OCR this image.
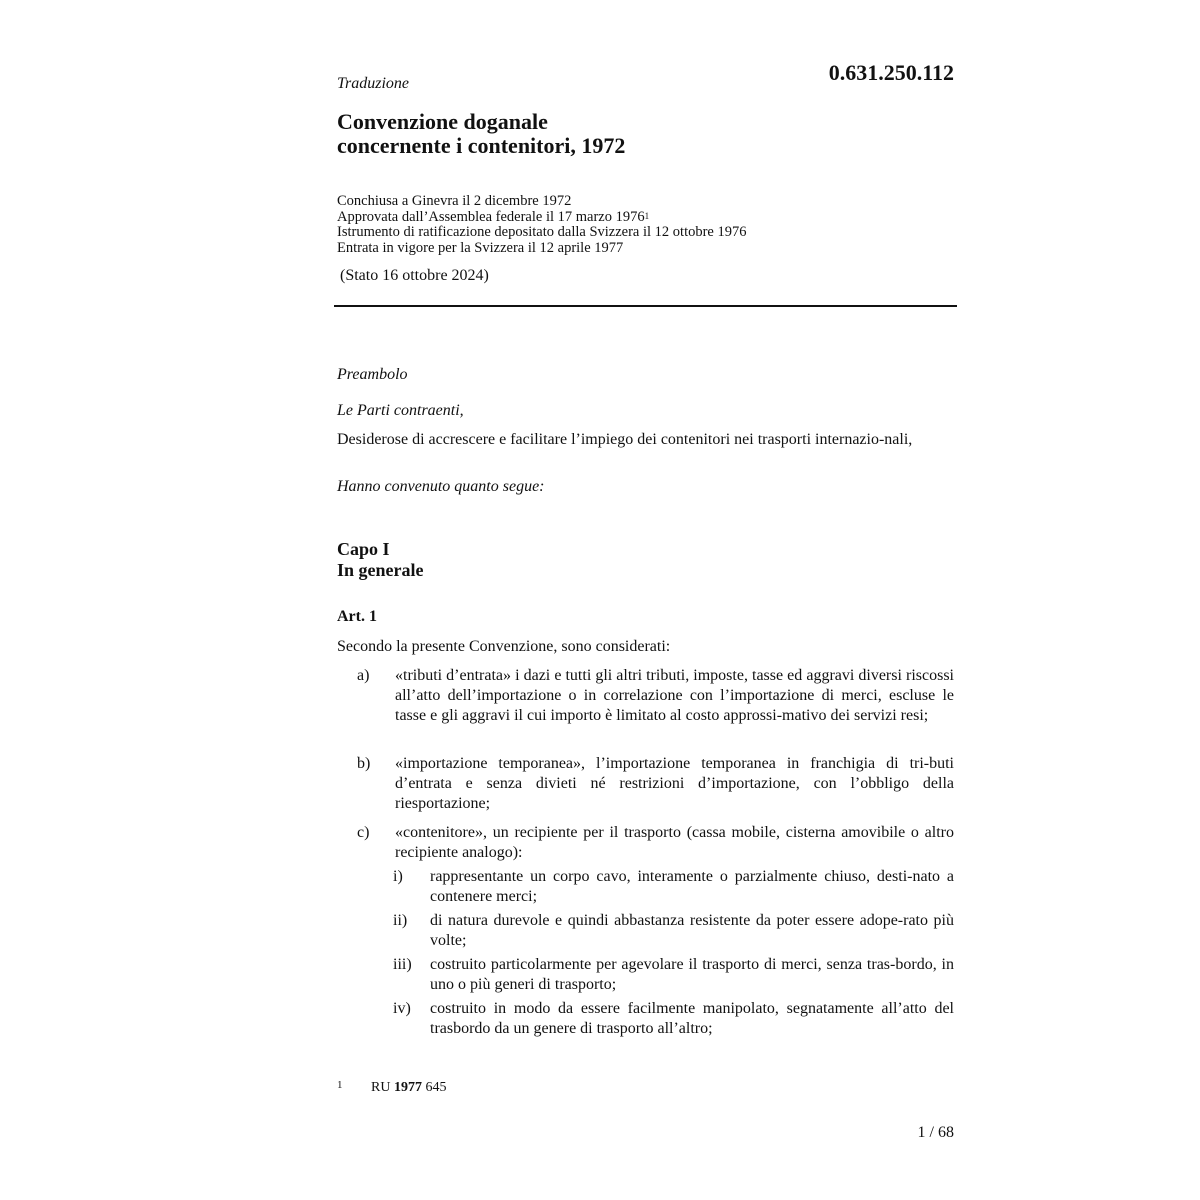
0.631.250.112
Traduzione
Convenzione doganale
concernente i contenitori, 1972
Conchiusa a Ginevra il 2 dicembre 1972
Approvata dall’Assemblea federale il 17 marzo 1976$^1$
Istrumento di ratificazione depositato dalla Svizzera il 12 ottobre 1976
Entrata in vigore per la Svizzera il 12 aprile 1977
(Stato 16 ottobre 2024)
Preambolo
Le Parti contraenti,
Desiderose di accrescere e facilitare l’impiego dei contenitori nei trasporti internazio-nali,
Hanno convenuto quanto segue:
Capo I
In generale
Art. 1
Secondo la presente Convenzione, sono considerati:
a) «tributi d’entrata» i dazi e tutti gli altri tributi, imposte, tasse ed aggravi diversi riscossi all’atto dell’importazione o in correlazione con l’importazione di merci, escluse le tasse e gli aggravi il cui importo è limitato al costo approssi-mativo dei servizi resi;
b) «importazione temporanea», l’importazione temporanea in franchigia di tri-buti d’entrata e senza divieti né restrizioni d’importazione, con l’obbligo della riesportazione;
c) «contenitore», un recipiente per il trasporto (cassa mobile, cisterna amovibile o altro recipiente analogo):
i) rappresentante un corpo cavo, interamente o parzialmente chiuso, desti-nato a contenere merci;
ii) di natura durevole e quindi abbastanza resistente da poter essere adope-rato più volte;
iii) costruito particolarmente per agevolare il trasporto di merci, senza tras-bordo, in uno o più generi di trasporto;
iv) costruito in modo da essere facilmente manipolato, segnatamente all’atto del trasbordo da un genere di trasporto all’altro;
1 RU 1977 645
1 / 68
